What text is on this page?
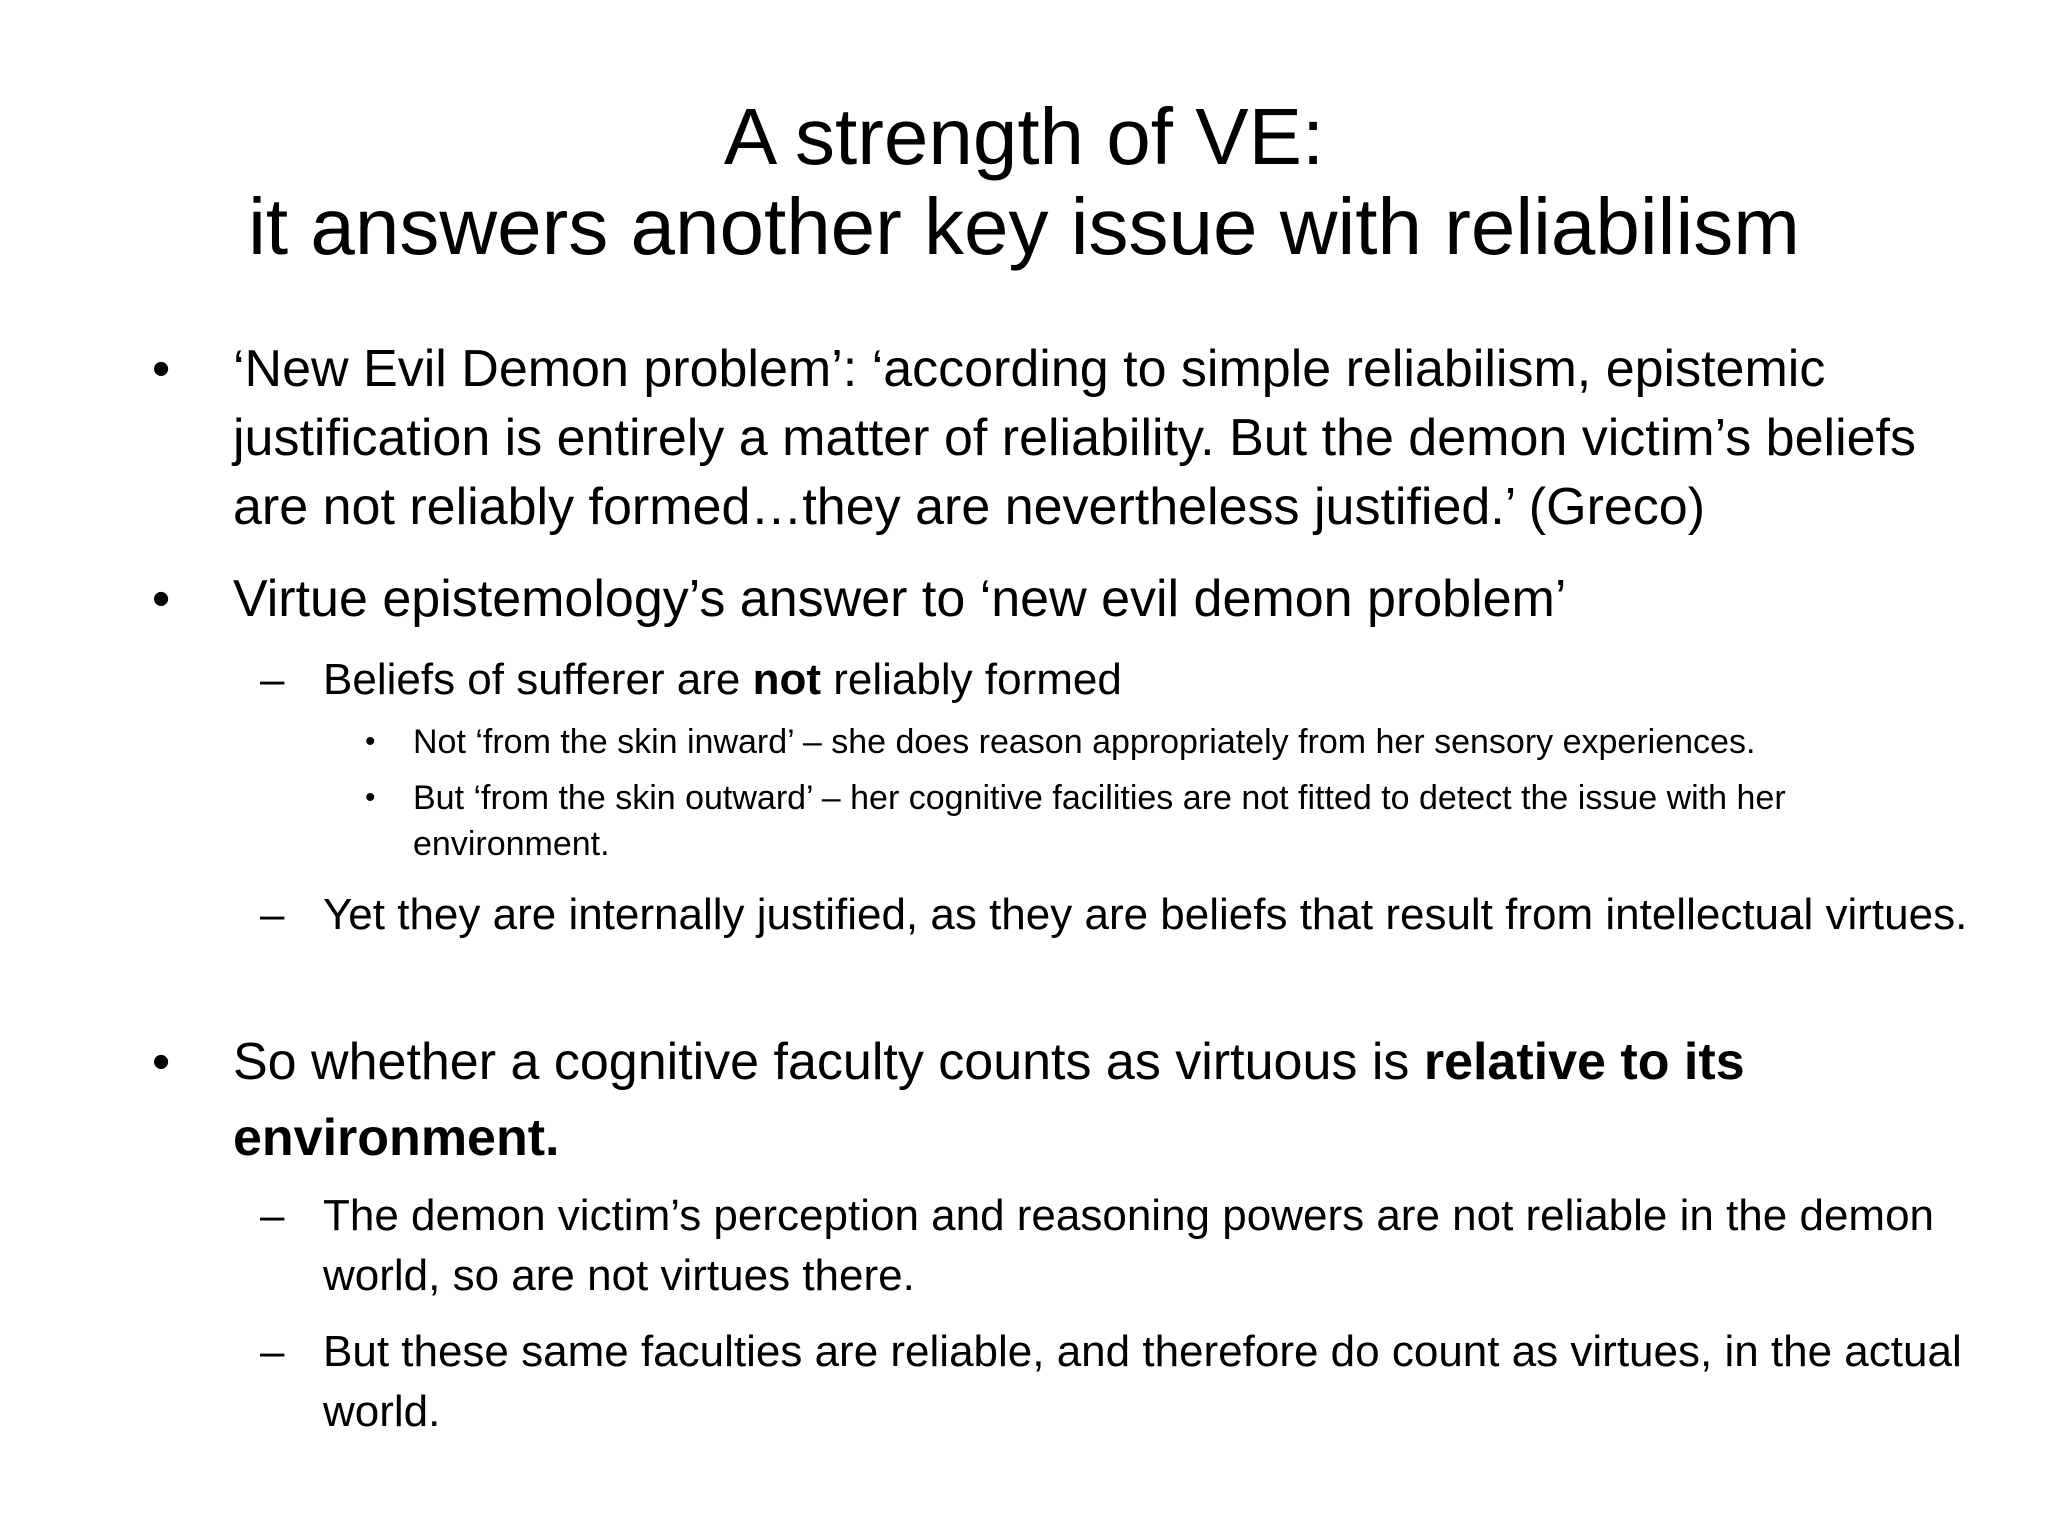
A strength of VE:
it answers another key issue with reliabilism

• ‘New Evil Demon problem’: ‘according to simple reliabilism, epistemic justification is entirely a matter of reliability. But the demon victim’s beliefs are not reliably formed…they are nevertheless justified.’ (Greco)

• Virtue epistemology’s answer to ‘new evil demon problem’

– Beliefs of sufferer are not reliably formed

• Not ‘from the skin inward’ – she does reason appropriately from her sensory experiences.

• But ‘from the skin outward’ – her cognitive facilities are not fitted to detect the issue with her environment.

– Yet they are internally justified, as they are beliefs that result from intellectual virtues.

• So whether a cognitive faculty counts as virtuous is relative to its environment.

– The demon victim’s perception and reasoning powers are not reliable in the demon world, so are not virtues there.

– But these same faculties are reliable, and therefore do count as virtues, in the actual world.
